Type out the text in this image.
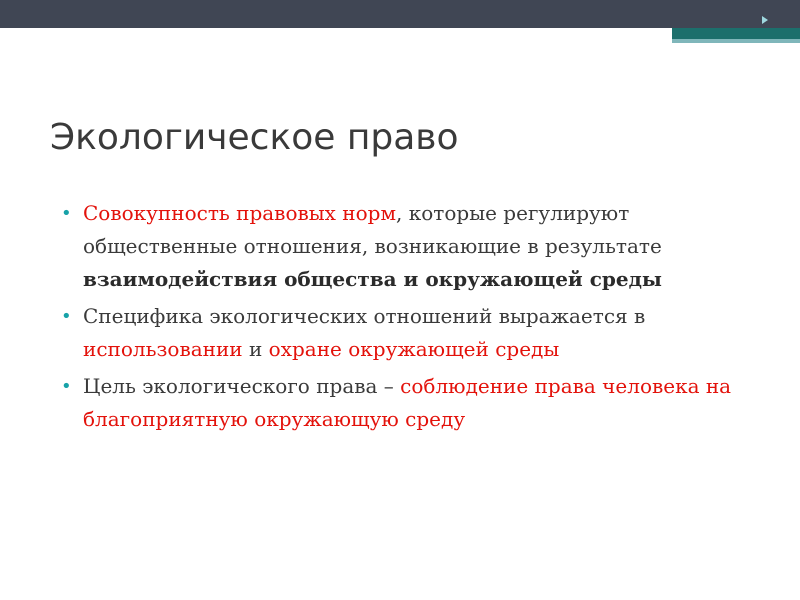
Экологическое право
• Совокупность правовых норм, которые регулируют общественные отношения, возникающие в результате взаимодействия общества и окружающей среды
• Специфика экологических отношений выражается в использовании и охране окружающей среды
• Цель экологического права – соблюдение права человека на благоприятную окружающую среду
